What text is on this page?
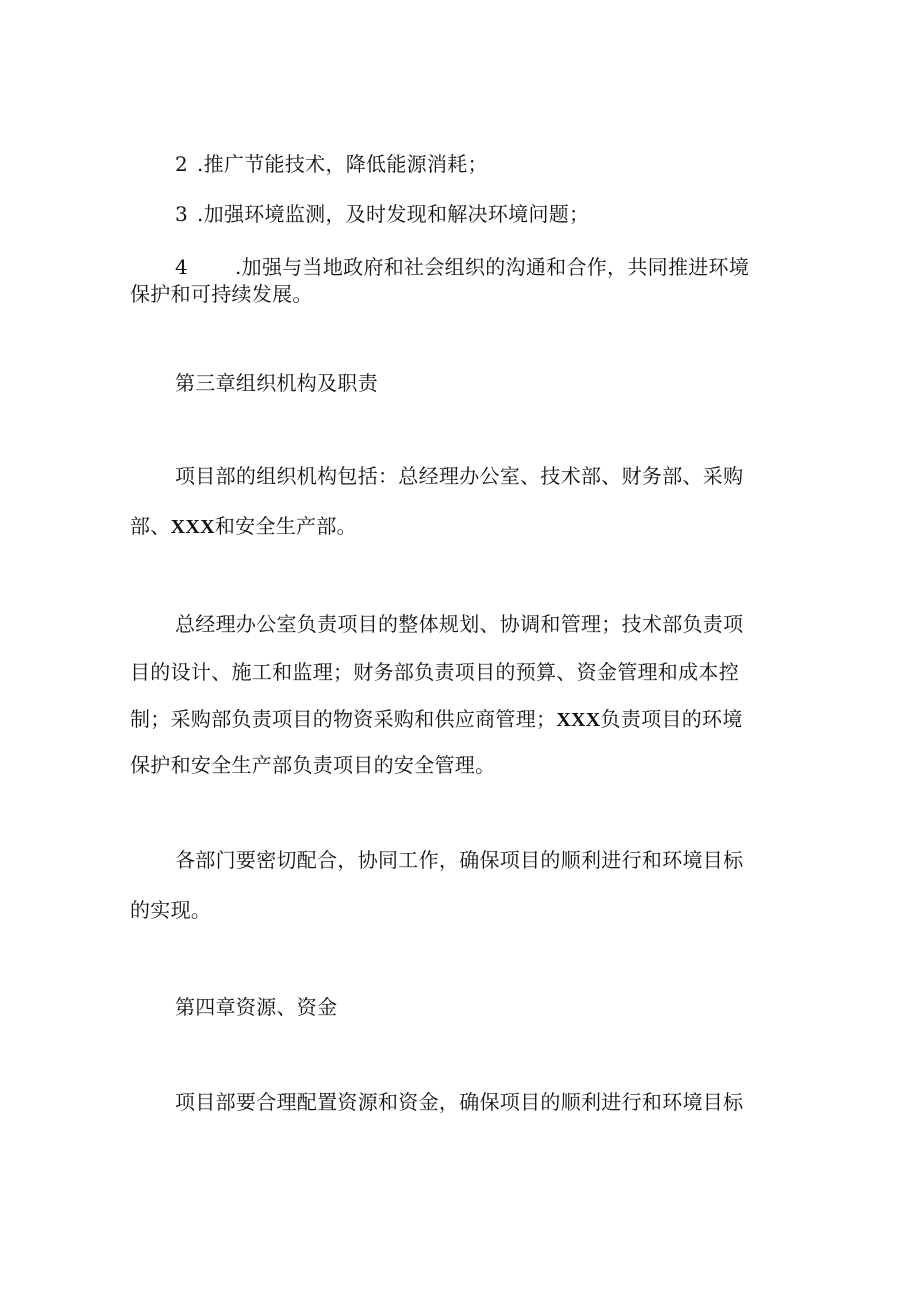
2 .推广节能技术，降低能源消耗；
3 .加强环境监测，及时发现和解决环境问题；
4 .加强与当地政府和社会组织的沟通和合作，共同推进环境
保护和可持续发展。
第三章组织机构及职责
项目部的组织机构包括：总经理办公室、技术部、财务部、采购
部、XXX和安全生产部。
总经理办公室负责项目的整体规划、协调和管理；技术部负责项
目的设计、施工和监理；财务部负责项目的预算、资金管理和成本控
制；采购部负责项目的物资采购和供应商管理；XXX负责项目的环境
保护和安全生产部负责项目的安全管理。
各部门要密切配合，协同工作，确保项目的顺利进行和环境目标
的实现。
第四章资源、资金
项目部要合理配置资源和资金，确保项目的顺利进行和环境目标
